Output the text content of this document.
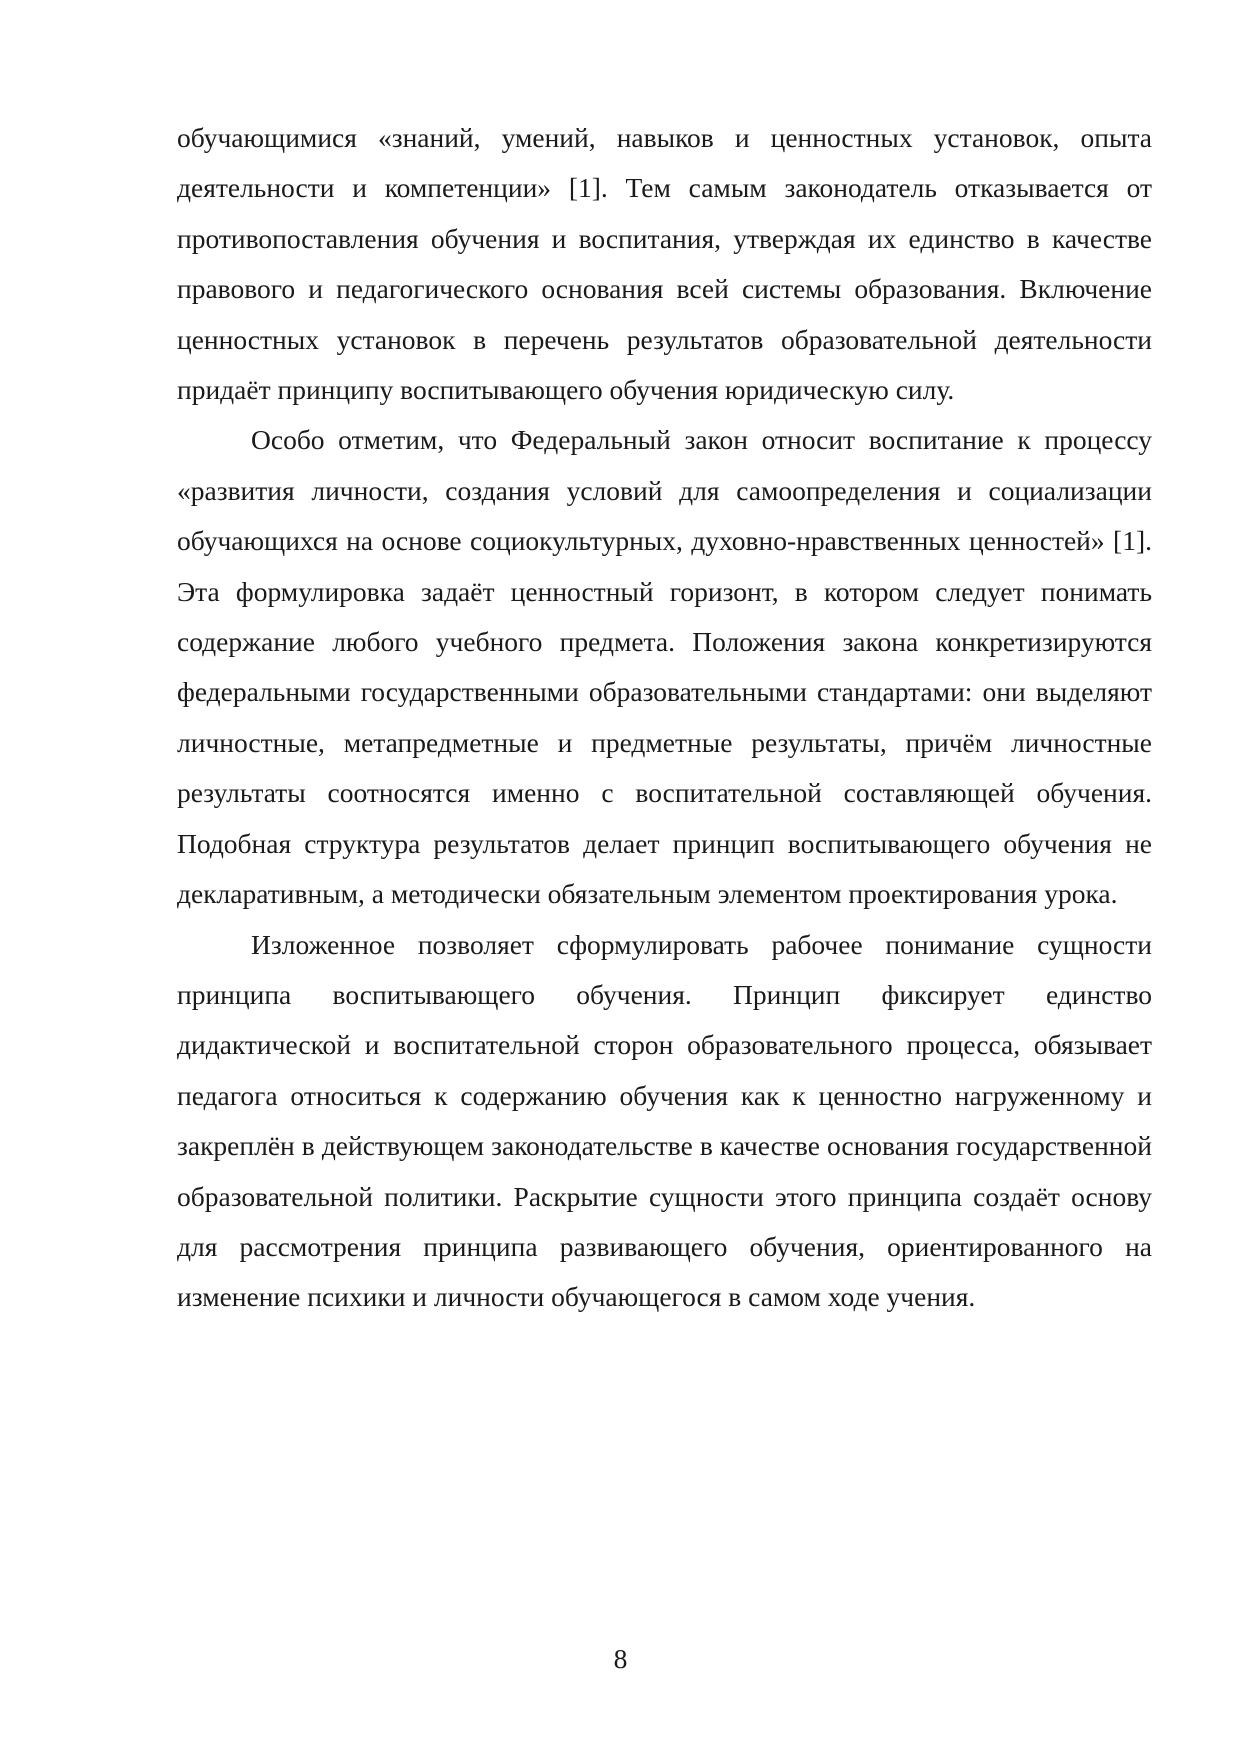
обучающимися «знаний, умений, навыков и ценностных установок, опыта деятельности и компетенции» [1]. Тем самым законодатель отказывается от противопоставления обучения и воспитания, утверждая их единство в качестве правового и педагогического основания всей системы образования. Включение ценностных установок в перечень результатов образовательной деятельности придаёт принципу воспитывающего обучения юридическую силу.

Особо отметим, что Федеральный закон относит воспитание к процессу «развития личности, создания условий для самоопределения и социализации обучающихся на основе социокультурных, духовно-нравственных ценностей» [1]. Эта формулировка задаёт ценностный горизонт, в котором следует понимать содержание любого учебного предмета. Положения закона конкретизируются федеральными государственными образовательными стандартами: они выделяют личностные, метапредметные и предметные результаты, причём личностные результаты соотносятся именно с воспитательной составляющей обучения. Подобная структура результатов делает принцип воспитывающего обучения не декларативным, а методически обязательным элементом проектирования урока.

Изложенное позволяет сформулировать рабочее понимание сущности принципа воспитывающего обучения. Принцип фиксирует единство дидактической и воспитательной сторон образовательного процесса, обязывает педагога относиться к содержанию обучения как к ценностно нагруженному и закреплён в действующем законодательстве в качестве основания государственной образовательной политики. Раскрытие сущности этого принципа создаёт основу для рассмотрения принципа развивающего обучения, ориентированного на изменение психики и личности обучающегося в самом ходе учения.

8
